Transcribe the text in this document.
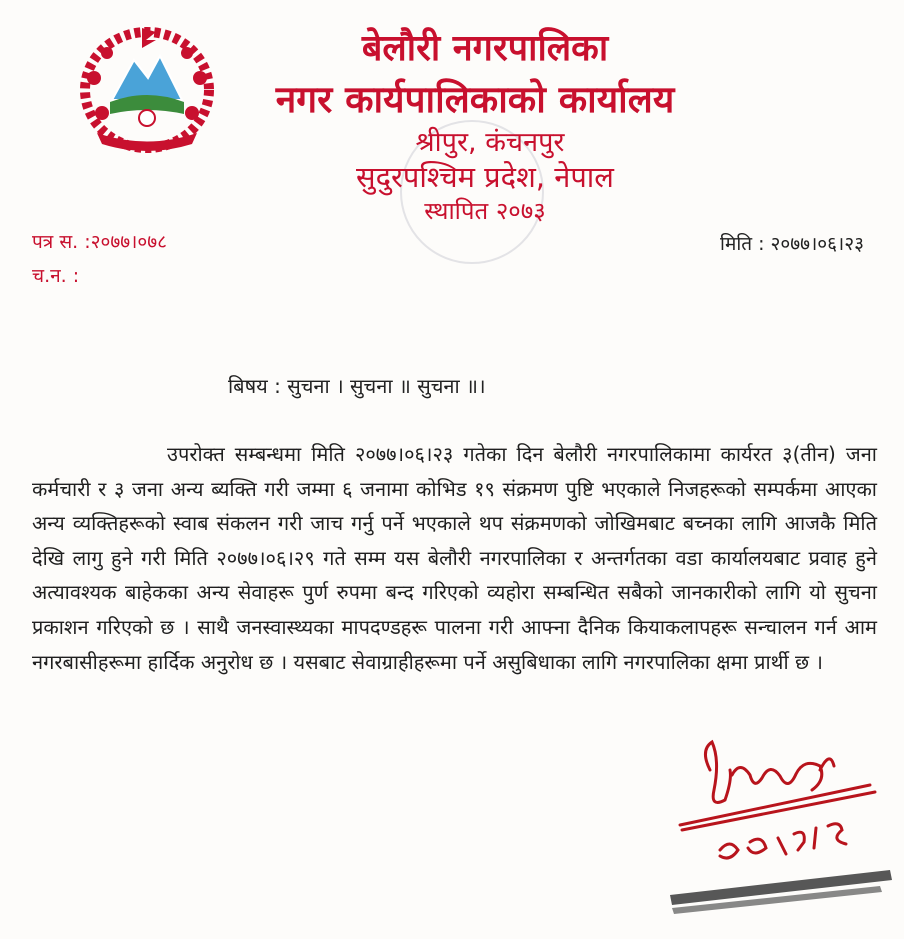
बेलौरी नगरपालिका
नगर कार्यपालिकाको कार्यालय
श्रीपुर, कंचनपुर
सुदुरपश्चिम प्रदेश, नेपाल
स्थापित २०७३
पत्र स. :२०७७।०७८
च.न. :
मिति : २०७७।०६।२३
बिषय : सुचना । सुचना ॥ सुचना ॥।
उपरोक्त सम्बन्धमा मिति २०७७।०६।२३ गतेका दिन बेलौरी नगरपालिकामा कार्यरत ३(तीन) जना कर्मचारी र ३ जना अन्य ब्यक्ति गरी जम्मा ६ जनामा कोभिड १९ संक्रमण पुष्टि भएकाले निजहरूको सम्पर्कमा आएका अन्य व्यक्तिहरूको स्वाब संकलन गरी जाच गर्नु पर्ने भएकाले थप संक्रमणको जोखिमबाट बच्नका लागि आजकै मिति देखि लागु हुने गरी मिति २०७७।०६।२९ गते सम्म यस बेलौरी नगरपालिका र अन्तर्गतका वडा कार्यालयबाट प्रवाह हुने अत्यावश्यक बाहेकका अन्य सेवाहरू पुर्ण रुपमा बन्द गरिएको व्यहोरा सम्बन्धित सबैको जानकारीको लागि यो सुचना प्रकाशन गरिएको छ । साथै जनस्वास्थ्यका मापदण्डहरू पालना गरी आफ्ना दैनिक कियाकलापहरू सन्चालन गर्न आम नगरबासीहरूमा हार्दिक अनुरोध छ । यसबाट सेवाग्राहीहरूमा पर्ने असुबिधाका लागि नगरपालिका क्षमा प्रार्थी छ ।
